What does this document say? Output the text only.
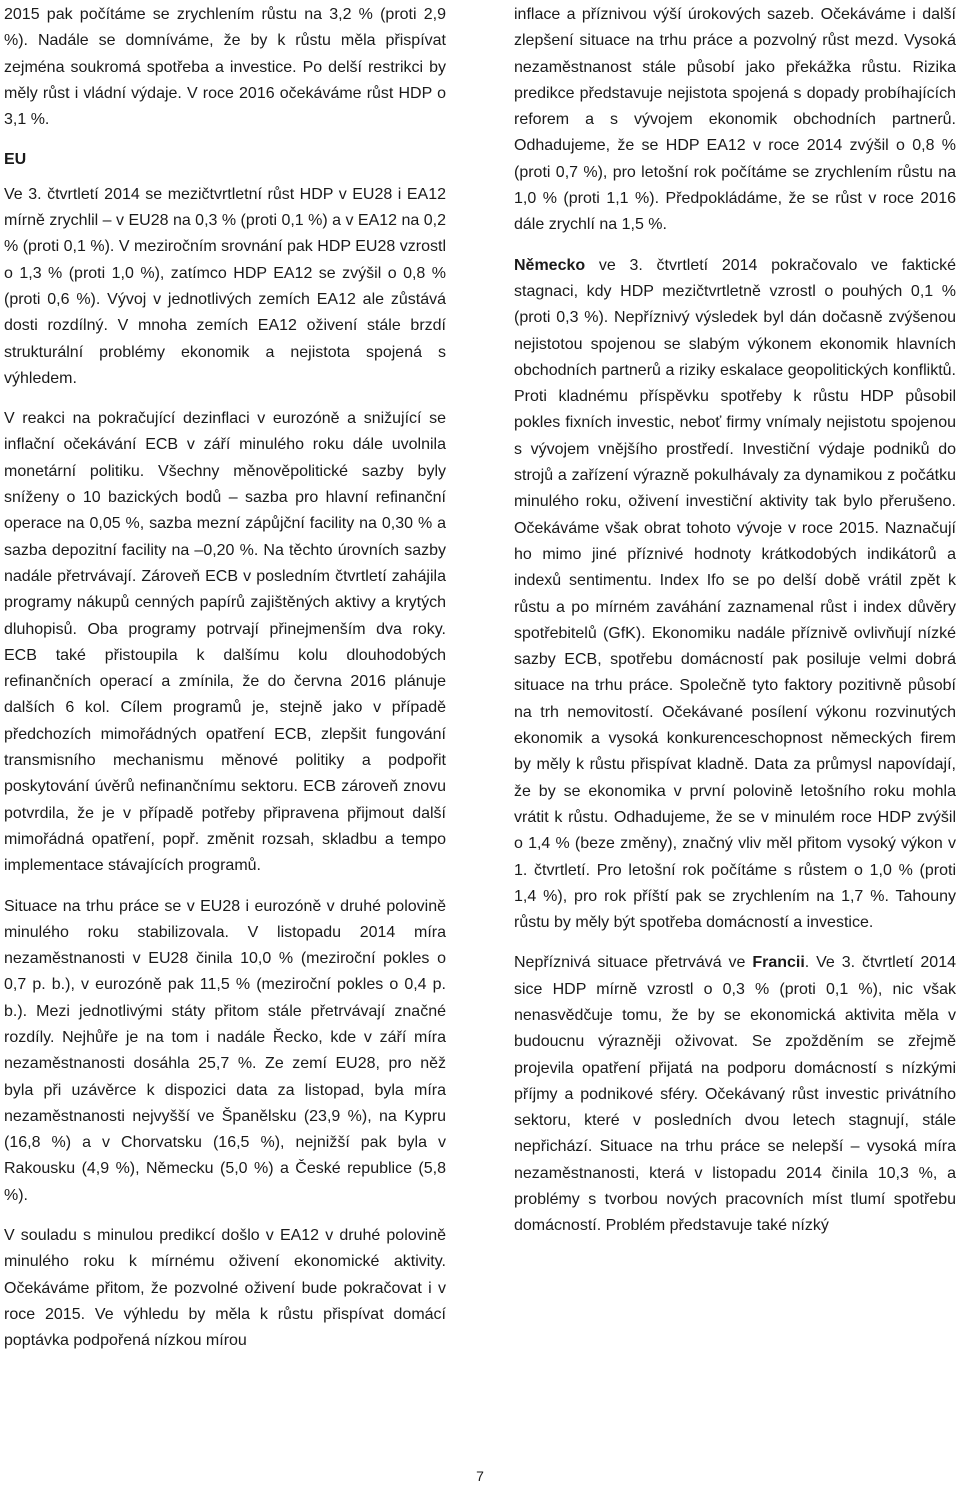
2015 pak počítáme se zrychlením růstu na 3,2 % (proti 2,9 %). Nadále se domníváme, že by k růstu měla přispívat zejména soukromá spotřeba a investice. Po delší restrikci by měly růst i vládní výdaje. V roce 2016 očekáváme růst HDP o 3,1 %.

EU

Ve 3. čtvrtletí 2014 se mezičtvrtletní růst HDP v EU28 i EA12 mírně zrychlil – v EU28 na 0,3 % (proti 0,1 %) a v EA12 na 0,2 % (proti 0,1 %). V meziročním srovnání pak HDP EU28 vzrostl o 1,3 % (proti 1,0 %), zatímco HDP EA12 se zvýšil o 0,8 % (proti 0,6 %). Vývoj v jednotlivých zemích EA12 ale zůstává dosti rozdílný. V mnoha zemích EA12 oživení stále brzdí strukturální problémy ekonomik a nejistota spojená s výhledem.

V reakci na pokračující dezinflaci v eurozóně a snižující se inflační očekávání ECB v září minulého roku dále uvolnila monetární politiku. Všechny měnověpolitické sazby byly sníženy o 10 bazických bodů – sazba pro hlavní refinanční operace na 0,05 %, sazba mezní zápůjční facility na 0,30 % a sazba depozitní facility na –0,20 %. Na těchto úrovních sazby nadále přetrvávají. Zároveň ECB v posledním čtvrtletí zahájila programy nákupů cenných papírů zajištěných aktivy a krytých dluhopisů. Oba programy potrvají přinejmenším dva roky. ECB také přistoupila k dalšímu kolu dlouhodobých refinančních operací a zmínila, že do června 2016 plánuje dalších 6 kol. Cílem programů je, stejně jako v případě předchozích mimořádných opatření ECB, zlepšit fungování transmisního mechanismu měnové politiky a podpořit poskytování úvěrů nefinančnímu sektoru. ECB zároveň znovu potvrdila, že je v případě potřeby připravena přijmout další mimořádná opatření, popř. změnit rozsah, skladbu a tempo implementace stávajících programů.

Situace na trhu práce se v EU28 i eurozóně v druhé polovině minulého roku stabilizovala. V listopadu 2014 míra nezaměstnanosti v EU28 činila 10,0 % (meziroční pokles o 0,7 p. b.), v eurozóně pak 11,5 % (meziroční pokles o 0,4 p. b.). Mezi jednotlivými státy přitom stále přetrvávají značné rozdíly. Nejhůře je na tom i nadále Řecko, kde v září míra nezaměstnanosti dosáhla 25,7 %. Ze zemí EU28, pro něž byla při uzávěrce k dispozici data za listopad, byla míra nezaměstnanosti nejvyšší ve Španělsku (23,9 %), na Kypru (16,8 %) a v Chorvatsku (16,5 %), nejnižší pak byla v Rakousku (4,9 %), Německu (5,0 %) a České republice (5,8 %).

V souladu s minulou predikcí došlo v EA12 v druhé polovině minulého roku k mírnému oživení ekonomické aktivity. Očekáváme přitom, že pozvolné oživení bude pokračovat i v roce 2015. Ve výhledu by měla k růstu přispívat domácí poptávka podpořená nízkou mírou

inflace a příznivou výší úrokových sazeb. Očekáváme i další zlepšení situace na trhu práce a pozvolný růst mezd. Vysoká nezaměstnanost stále působí jako překážka růstu. Rizika predikce představuje nejistota spojená s dopady probíhajících reforem a s vývojem ekonomik obchodních partnerů. Odhadujeme, že se HDP EA12 v roce 2014 zvýšil o 0,8 % (proti 0,7 %), pro letošní rok počítáme se zrychlením růstu na 1,0 % (proti 1,1 %). Předpokládáme, že se růst v roce 2016 dále zrychlí na 1,5 %.

Německo ve 3. čtvrtletí 2014 pokračovalo ve faktické stagnaci, kdy HDP mezičtvrtletně vzrostl o pouhých 0,1 % (proti 0,3 %). Nepříznivý výsledek byl dán dočasně zvýšenou nejistotou spojenou se slabým výkonem ekonomik hlavních obchodních partnerů a riziky eskalace geopolitických konfliktů. Proti kladnému příspěvku spotřeby k růstu HDP působil pokles fixních investic, neboť firmy vnímaly nejistotu spojenou s vývojem vnějšího prostředí. Investiční výdaje podniků do strojů a zařízení výrazně pokulhávaly za dynamikou z počátku minulého roku, oživení investiční aktivity tak bylo přerušeno. Očekáváme však obrat tohoto vývoje v roce 2015. Naznačují ho mimo jiné příznivé hodnoty krátkodobých indikátorů a indexů sentimentu. Index Ifo se po delší době vrátil zpět k růstu a po mírném zaváhání zaznamenal růst i index důvěry spotřebitelů (GfK). Ekonomiku nadále příznivě ovlivňují nízké sazby ECB, spotřebu domácností pak posiluje velmi dobrá situace na trhu práce. Společně tyto faktory pozitivně působí na trh nemovitostí. Očekávané posílení výkonu rozvinutých ekonomik a vysoká konkurenceschopnost německých firem by měly k růstu přispívat kladně. Data za průmysl napovídají, že by se ekonomika v první polovině letošního roku mohla vrátit k růstu. Odhadujeme, že se v minulém roce HDP zvýšil o 1,4 % (beze změny), značný vliv měl přitom vysoký výkon v 1. čtvrtletí. Pro letošní rok počítáme s růstem o 1,0 % (proti 1,4 %), pro rok příští pak se zrychlením na 1,7 %. Tahouny růstu by měly být spotřeba domácností a investice.

Nepříznivá situace přetrvává ve Francii. Ve 3. čtvrtletí 2014 sice HDP mírně vzrostl o 0,3 % (proti 0,1 %), nic však nenasvědčuje tomu, že by se ekonomická aktivita měla v budoucnu výrazněji oživovat. Se zpožděním se zřejmě projevila opatření přijatá na podporu domácností s nízkými příjmy a podnikové sféry. Očekávaný růst investic privátního sektoru, které v posledních dvou letech stagnují, stále nepřichází. Situace na trhu práce se nelepší – vysoká míra nezaměstnanosti, která v listopadu 2014 činila 10,3 %, a problémy s tvorbou nových pracovních míst tlumí spotřebu domácností. Problém představuje také nízký

7
